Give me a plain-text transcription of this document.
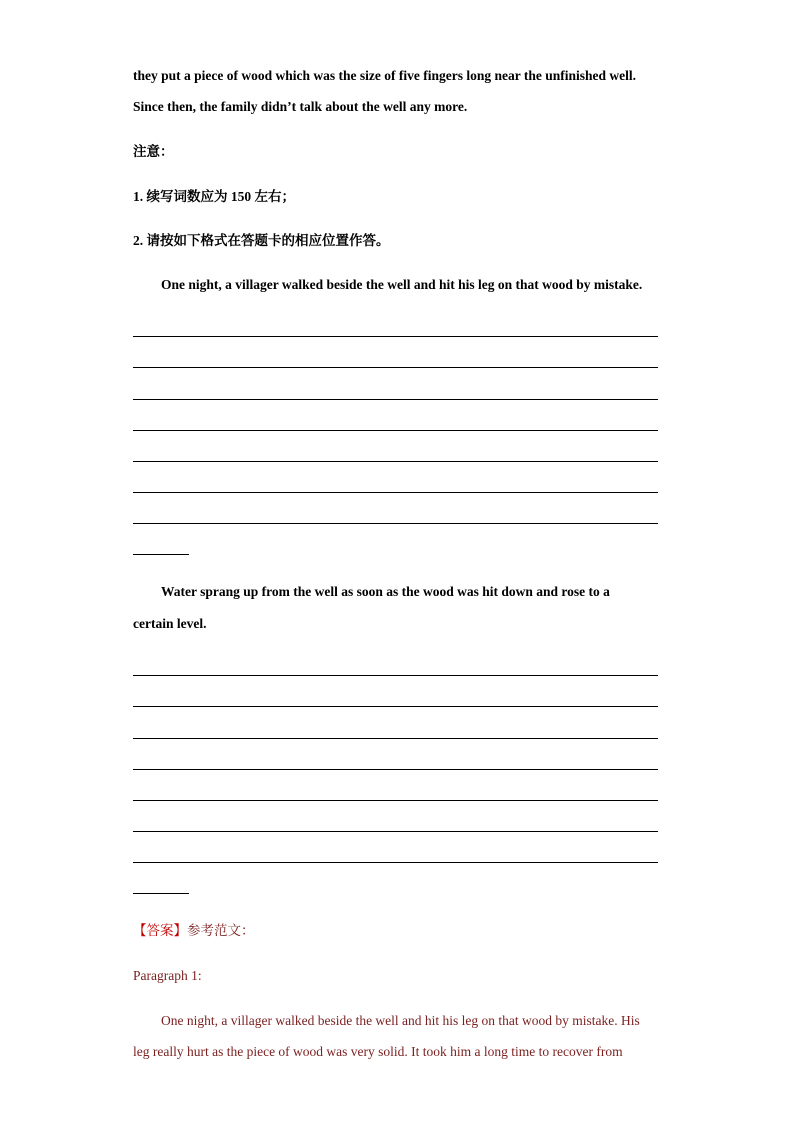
they put a piece of wood which was the size of five fingers long near the unfinished well.
Since then, the family didn’t talk about the well any more.
注意：
1. 续写词数应为 150 左右；
2. 请按如下格式在答题卡的相应位置作答。
One night, a villager walked beside the well and hit his leg on that wood by mistake.
Water sprang up from the well as soon as the wood was hit down and rose to a
certain level.
【答案】参考范文：
Paragraph 1:
One night, a villager walked beside the well and hit his leg on that wood by mistake. His
leg really hurt as the piece of wood was very solid. It took him a long time to recover from
